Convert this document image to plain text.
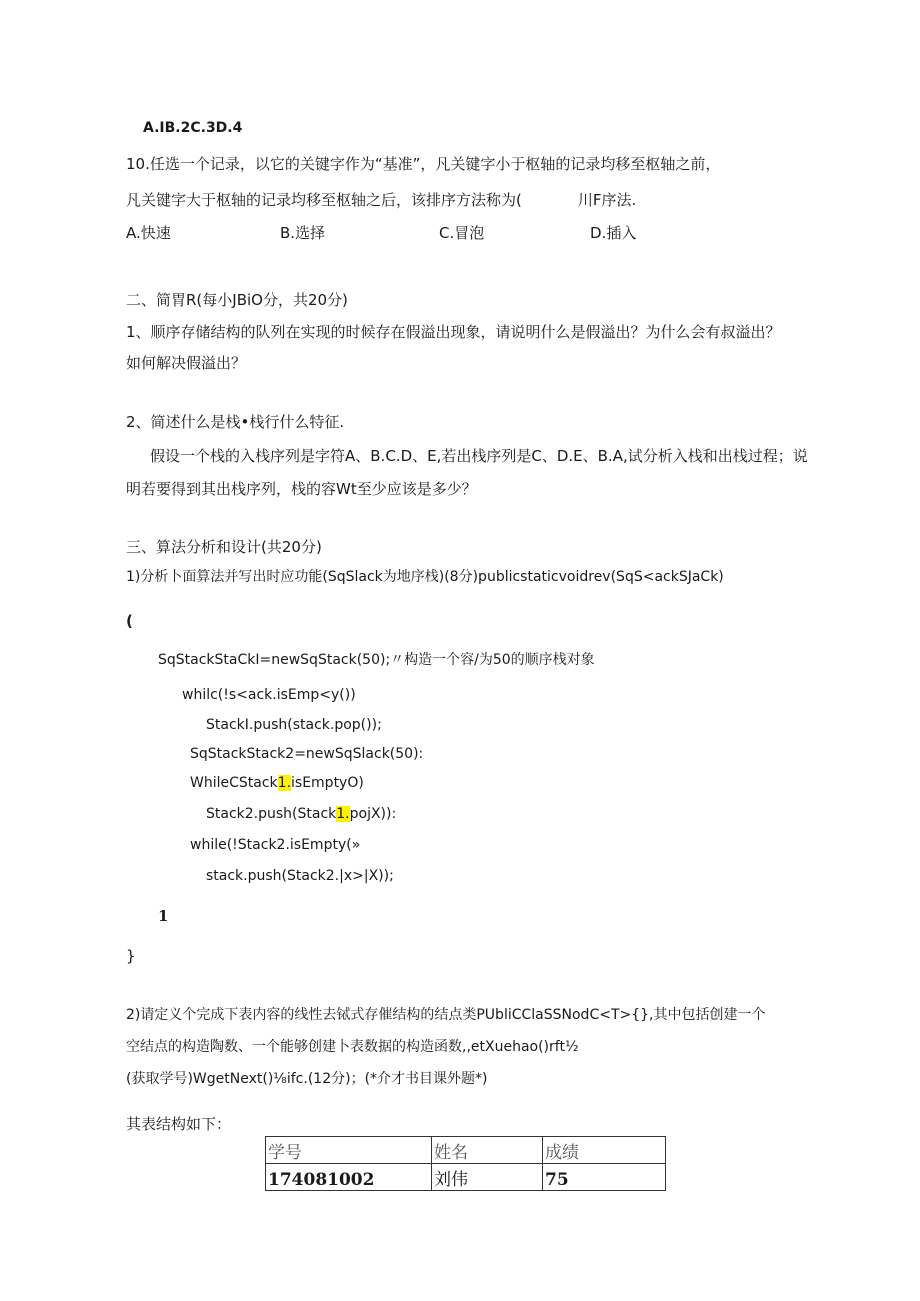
A.IB.2C.3D.4
10.任选一个记录，以它的关键字作为“基准”，凡关键字小于枢轴的记录均移至枢轴之前，
凡关键字大于枢轴的记录均移至枢轴之后，该排序方法称为(	川F序法.
A.快速	B.选择	C.冒泡	D.插入
二、简胃R(每小JBiO分，共20分)
1、顺序存储结构的队列在实现的时候存在假溢出现象，请说明什么是假溢出？为什么会有叔溢出？
如何解决假溢出？
2、简述什么是栈•栈行什么特征.
假设一个栈的入栈序列是字符A、B.C.D、E,若出栈序列是C、D.E、B.A,试分析入栈和出栈过程；说
明若要得到其出栈序列，栈的容Wt至少应该是多少？
三、算法分析和设计(共20分)
1)分析卜面算法并写出时应功能(SqSlack为地序栈)(8分)publicstaticvoidrev(SqS<ackSJaCk)
(
SqStackStaCkI=newSqStack(50);〃构造一个容/为50的顺序栈对象
whilc(!s<ack.isEmp<y())
StackI.push(stack.pop());
SqStackStack2=newSqSlack(50):
WhileCStack1.isEmptyO)
Stack2.push(Stack1.pojX)):
while(!Stack2.isEmpty(»
stack.push(Stack2.|x>|X));
1
}
2)请定义个完成下表内容的线性去铽式存催结构的结点类PUbliCClaSSNodC<T>{},其中包括创建一个
空结点的构造陶数、一个能够创建卜表数据的构造函数,,etXuehao()rft½
(获取学号)WgetNext()⅛ifc.(12分)；(*介才书目课外题*)
其表结构如下：
学号	姓名	成绩
174081002	刘伟	75
